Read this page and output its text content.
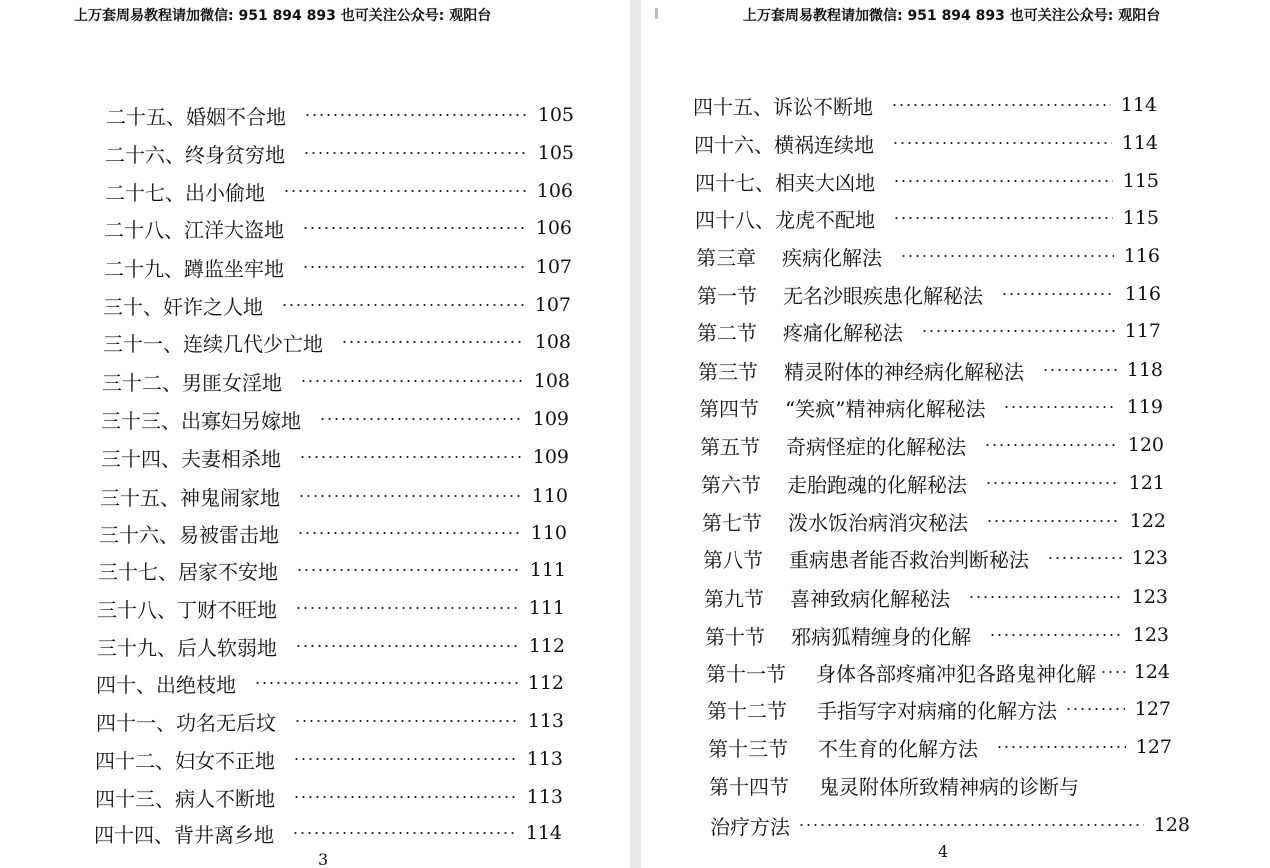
上万套周易教程请加微信: 951 894 893 也可关注公众号: 观阳台
二十五、婚姻不合地	105
二十六、终身贫穷地	105
二十七、出小偷地	106
二十八、江洋大盗地	106
二十九、蹲监坐牢地	107
三十、奸诈之人地	107
三十一、连续几代少亡地	108
三十二、男匪女淫地	108
三十三、出寡妇另嫁地	109
三十四、夫妻相杀地	109
三十五、神鬼闹家地	110
三十六、易被雷击地	110
三十七、居家不安地	111
三十八、丁财不旺地	111
三十九、后人软弱地	112
四十、出绝枝地	112
四十一、功名无后坟	113
四十二、妇女不正地	113
四十三、病人不断地	113
四十四、背井离乡地	114
3
上万套周易教程请加微信: 951 894 893 也可关注公众号: 观阳台
四十五、诉讼不断地	114
四十六、横祸连续地	114
四十七、相夹大凶地	115
四十八、龙虎不配地	115
第三章 疾病化解法	116
第一节 无名沙眼疾患化解秘法	116
第二节 疼痛化解秘法	117
第三节 精灵附体的神经病化解秘法	118
第四节 “笑疯”精神病化解秘法	119
第五节 奇病怪症的化解秘法	120
第六节 走胎跑魂的化解秘法	121
第七节 泼水饭治病消灾秘法	122
第八节 重病患者能否救治判断秘法	123
第九节 喜神致病化解秘法	123
第十节 邪病狐精缠身的化解	123
第十一节 身体各部疼痛冲犯各路鬼神化解 124
第十二节 手指写字对病痛的化解方法	127
第十三节 不生育的化解方法	127
第十四节 鬼灵附体所致精神病的诊断与
治疗方法	128
4
